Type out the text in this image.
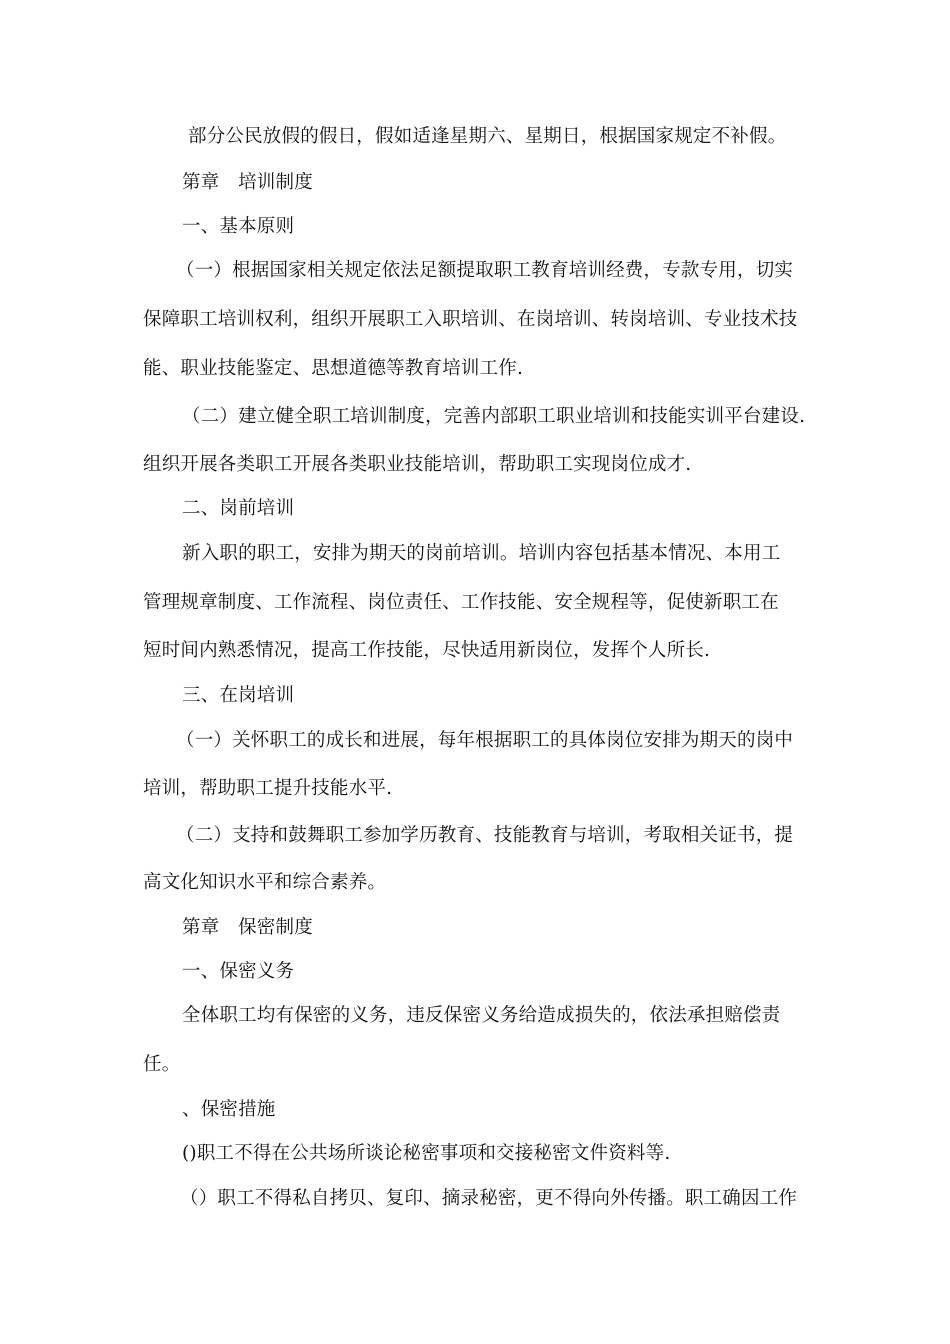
部分公民放假的假日，假如适逢星期六、星期日，根据国家规定不补假。
第章　培训制度
一、基本原则
（一）根据国家相关规定依法足额提取职工教育培训经费，专款专用，切实
保障职工培训权利，组织开展职工入职培训、在岗培训、转岗培训、专业技术技
能、职业技能鉴定、思想道德等教育培训工作.
（二）建立健全职工培训制度，完善内部职工职业培训和技能实训平台建设.
组织开展各类职工开展各类职业技能培训，帮助职工实现岗位成才.
二、岗前培训
新入职的职工，安排为期天的岗前培训。培训内容包括基本情况、本用工
管理规章制度、工作流程、岗位责任、工作技能、安全规程等，促使新职工在
短时间内熟悉情况，提高工作技能，尽快适用新岗位，发挥个人所长.
三、在岗培训
（一）关怀职工的成长和进展，每年根据职工的具体岗位安排为期天的岗中
培训，帮助职工提升技能水平.
（二）支持和鼓舞职工参加学历教育、技能教育与培训，考取相关证书，提
高文化知识水平和综合素养。
第章　保密制度
一、保密义务
全体职工均有保密的义务，违反保密义务给造成损失的，依法承担赔偿责
任。
、保密措施
()职工不得在公共场所谈论秘密事项和交接秘密文件资料等.
（）职工不得私自拷贝、复印、摘录秘密，更不得向外传播。职工确因工作
